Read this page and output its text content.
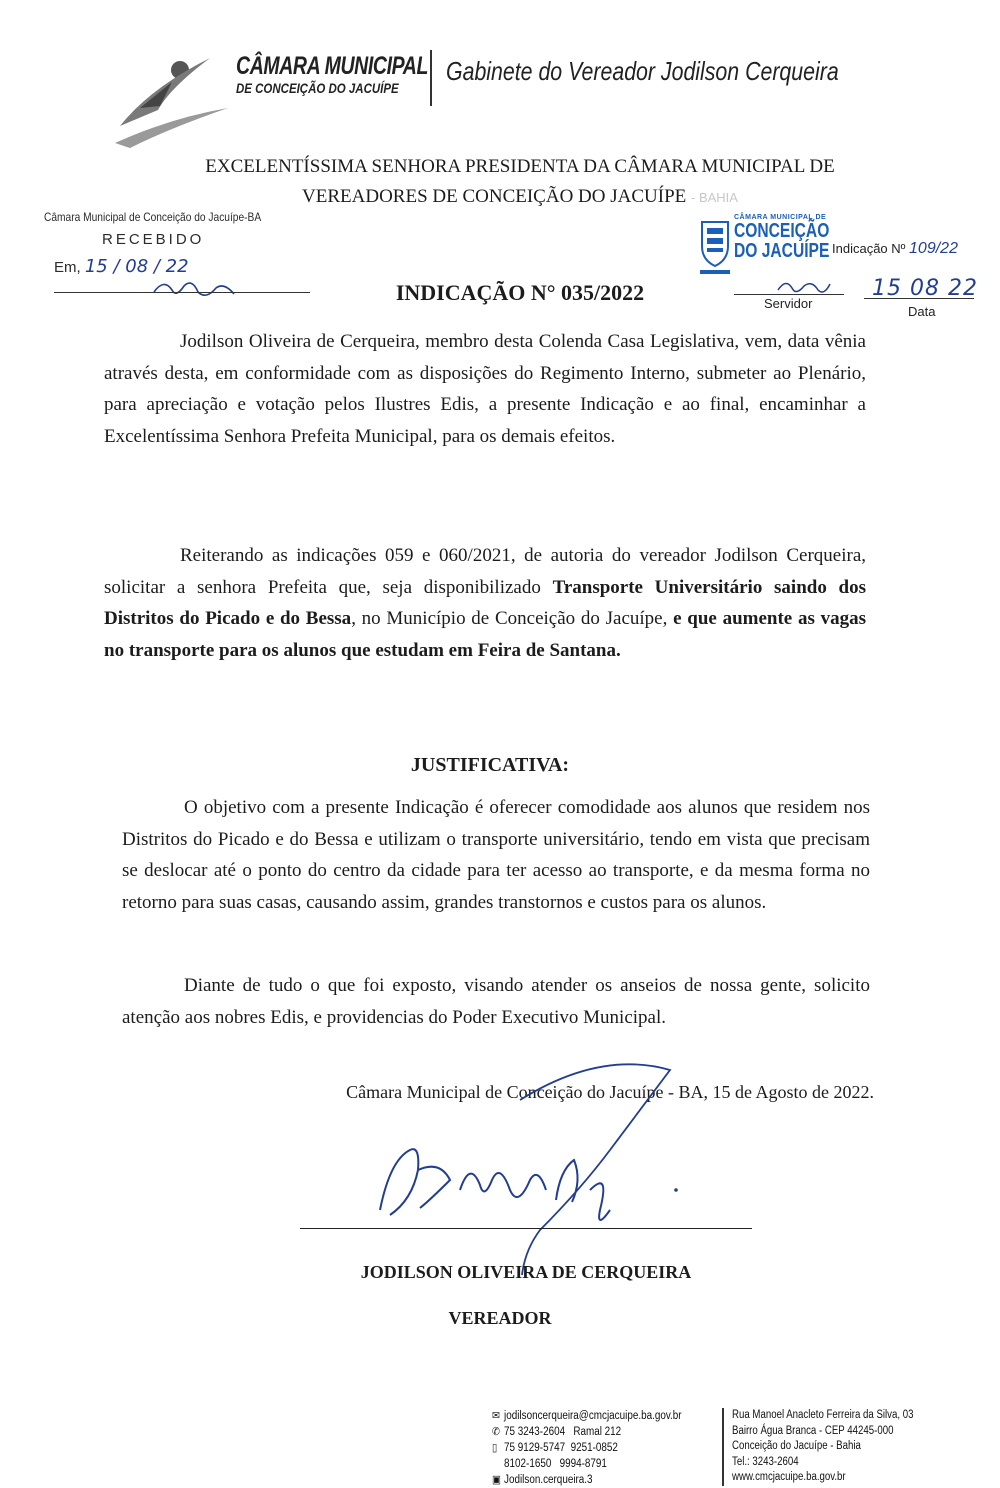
CÂMARA MUNICIPAL
DE CONCEIÇÃO DO JACUÍPE
Gabinete do Vereador Jodilson Cerqueira
EXCELENTÍSSIMA SENHORA PRESIDENTA DA CÂMARA MUNICIPAL DE
VEREADORES DE CONCEIÇÃO DO JACUÍPE - BAHIA
Câmara Municipal de Conceição do Jacuípe-BA
RECEBIDO
Em, 15 / 08 / 22
CÂMARA MUNICIPAL DE
CONCEIÇÃO
DO JACUÍPE Indicação Nº 109/22
Servidor
15 08 22
Data
INDICAÇÃO N° 035/2022
Jodilson Oliveira de Cerqueira, membro desta Colenda Casa Legislativa, vem, data vênia através desta, em conformidade com as disposições do Regimento Interno, submeter ao Plenário, para apreciação e votação pelos Ilustres Edis, a presente Indicação e ao final, encaminhar a Excelentíssima Senhora Prefeita Municipal, para os demais efeitos.
Reiterando as indicações 059 e 060/2021, de autoria do vereador Jodilson Cerqueira, solicitar a senhora Prefeita que, seja disponibilizado Transporte Universitário saindo dos Distritos do Picado e do Bessa, no Município de Conceição do Jacuípe, e que aumente as vagas no transporte para os alunos que estudam em Feira de Santana.
JUSTIFICATIVA:
O objetivo com a presente Indicação é oferecer comodidade aos alunos que residem nos Distritos do Picado e do Bessa e utilizam o transporte universitário, tendo em vista que precisam se deslocar até o ponto do centro da cidade para ter acesso ao transporte, e da mesma forma no retorno para suas casas, causando assim, grandes transtornos e custos para os alunos.
Diante de tudo o que foi exposto, visando atender os anseios de nossa gente, solicito atenção aos nobres Edis, e providencias do Poder Executivo Municipal.
Câmara Municipal de Conceição do Jacuípe - BA, 15 de Agosto de 2022.
JODILSON OLIVEIRA DE CERQUEIRA
VEREADOR
✉ jodilsoncerqueira@cmcjacuipe.ba.gov.br
✆ 75 3243-2604 Ramal 212
▯ 75 9129-5747 9251-0852
8102-1650 9994-8791
▣ Jodilson.cerqueira.3
Rua Manoel Anacleto Ferreira da Silva, 03
Bairro Água Branca - CEP 44245-000
Conceição do Jacuípe - Bahia
Tel.: 3243-2604
www.cmcjacuipe.ba.gov.br
